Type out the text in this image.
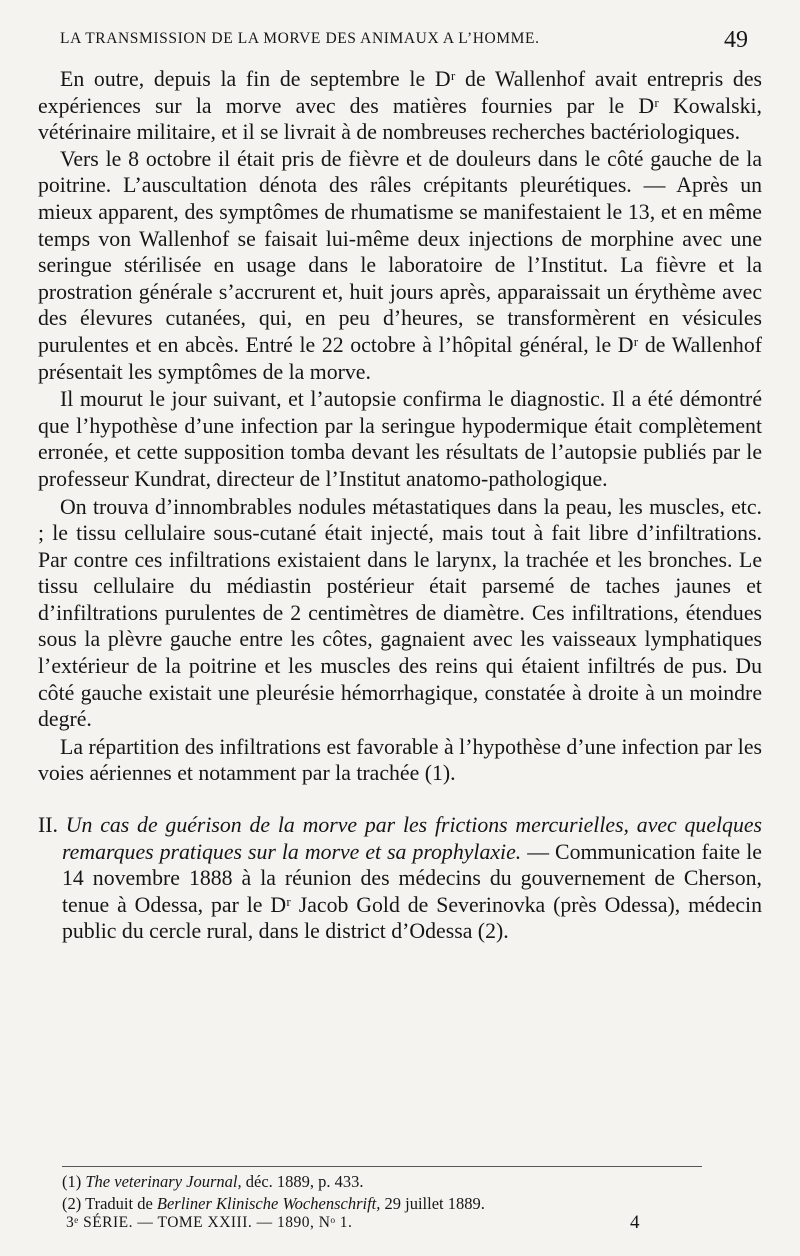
LA TRANSMISSION DE LA MORVE DES ANIMAUX A L’HOMME.	49

En outre, depuis la fin de septembre le Dʳ de Wallenhof avait entrepris des expériences sur la morve avec des matières fournies par le Dʳ Kowalski, vétérinaire militaire, et il se livrait à de nombreuses recherches bactériologiques.

Vers le 8 octobre il était pris de fièvre et de douleurs dans le côté gauche de la poitrine. L’auscultation dénota des râles crépitants pleurétiques. — Après un mieux apparent, des symptômes de rhumatisme se manifestaient le 13, et en même temps von Wallenhof se faisait lui-même deux injections de morphine avec une seringue stérilisée en usage dans le laboratoire de l’Institut. La fièvre et la prostration générale s’accrurent et, huit jours après, apparaissait un érythème avec des élevures cutanées, qui, en peu d’heures, se transformèrent en vésicules purulentes et en abcès. Entré le 22 octobre à l’hôpital général, le Dʳ de Wallenhof présentait les symptômes de la morve.

Il mourut le jour suivant, et l’autopsie confirma le diagnostic. Il a été démontré que l’hypothèse d’une infection par la seringue hypodermique était complètement erronée, et cette supposition tomba devant les résultats de l’autopsie publiés par le professeur Kundrat, directeur de l’Institut anatomo-pathologique.

On trouva d’innombrables nodules métastatiques dans la peau, les muscles, etc. ; le tissu cellulaire sous-cutané était injecté, mais tout à fait libre d’infiltrations. Par contre ces infiltrations existaient dans le larynx, la trachée et les bronches. Le tissu cellulaire du médiastin postérieur était parsemé de taches jaunes et d’infiltrations purulentes de 2 centimètres de diamètre. Ces infiltrations, étendues sous la plèvre gauche entre les côtes, gagnaient avec les vaisseaux lymphatiques l’extérieur de la poitrine et les muscles des reins qui étaient infiltrés de pus. Du côté gauche existait une pleurésie hémorrhagique, constatée à droite à un moindre degré.

La répartition des infiltrations est favorable à l’hypothèse d’une infection par les voies aériennes et notamment par la trachée (1).

II. Un cas de guérison de la morve par les frictions mercurielles, avec quelques remarques pratiques sur la morve et sa prophylaxie. — Communication faite le 14 novembre 1888 à la réunion des médecins du gouvernement de Cherson, tenue à Odessa, par le Dʳ Jacob Gold de Severinovka (près Odessa), médecin public du cercle rural, dans le district d’Odessa (2).
(1) The veterinary Journal, déc. 1889, p. 433.
(2) Traduit de Berliner Klinische Wochenschrift, 29 juillet 1889.
3ᵉ SÉRIE. — TOME XXIII. — 1890, Nᵒ 1.	4
